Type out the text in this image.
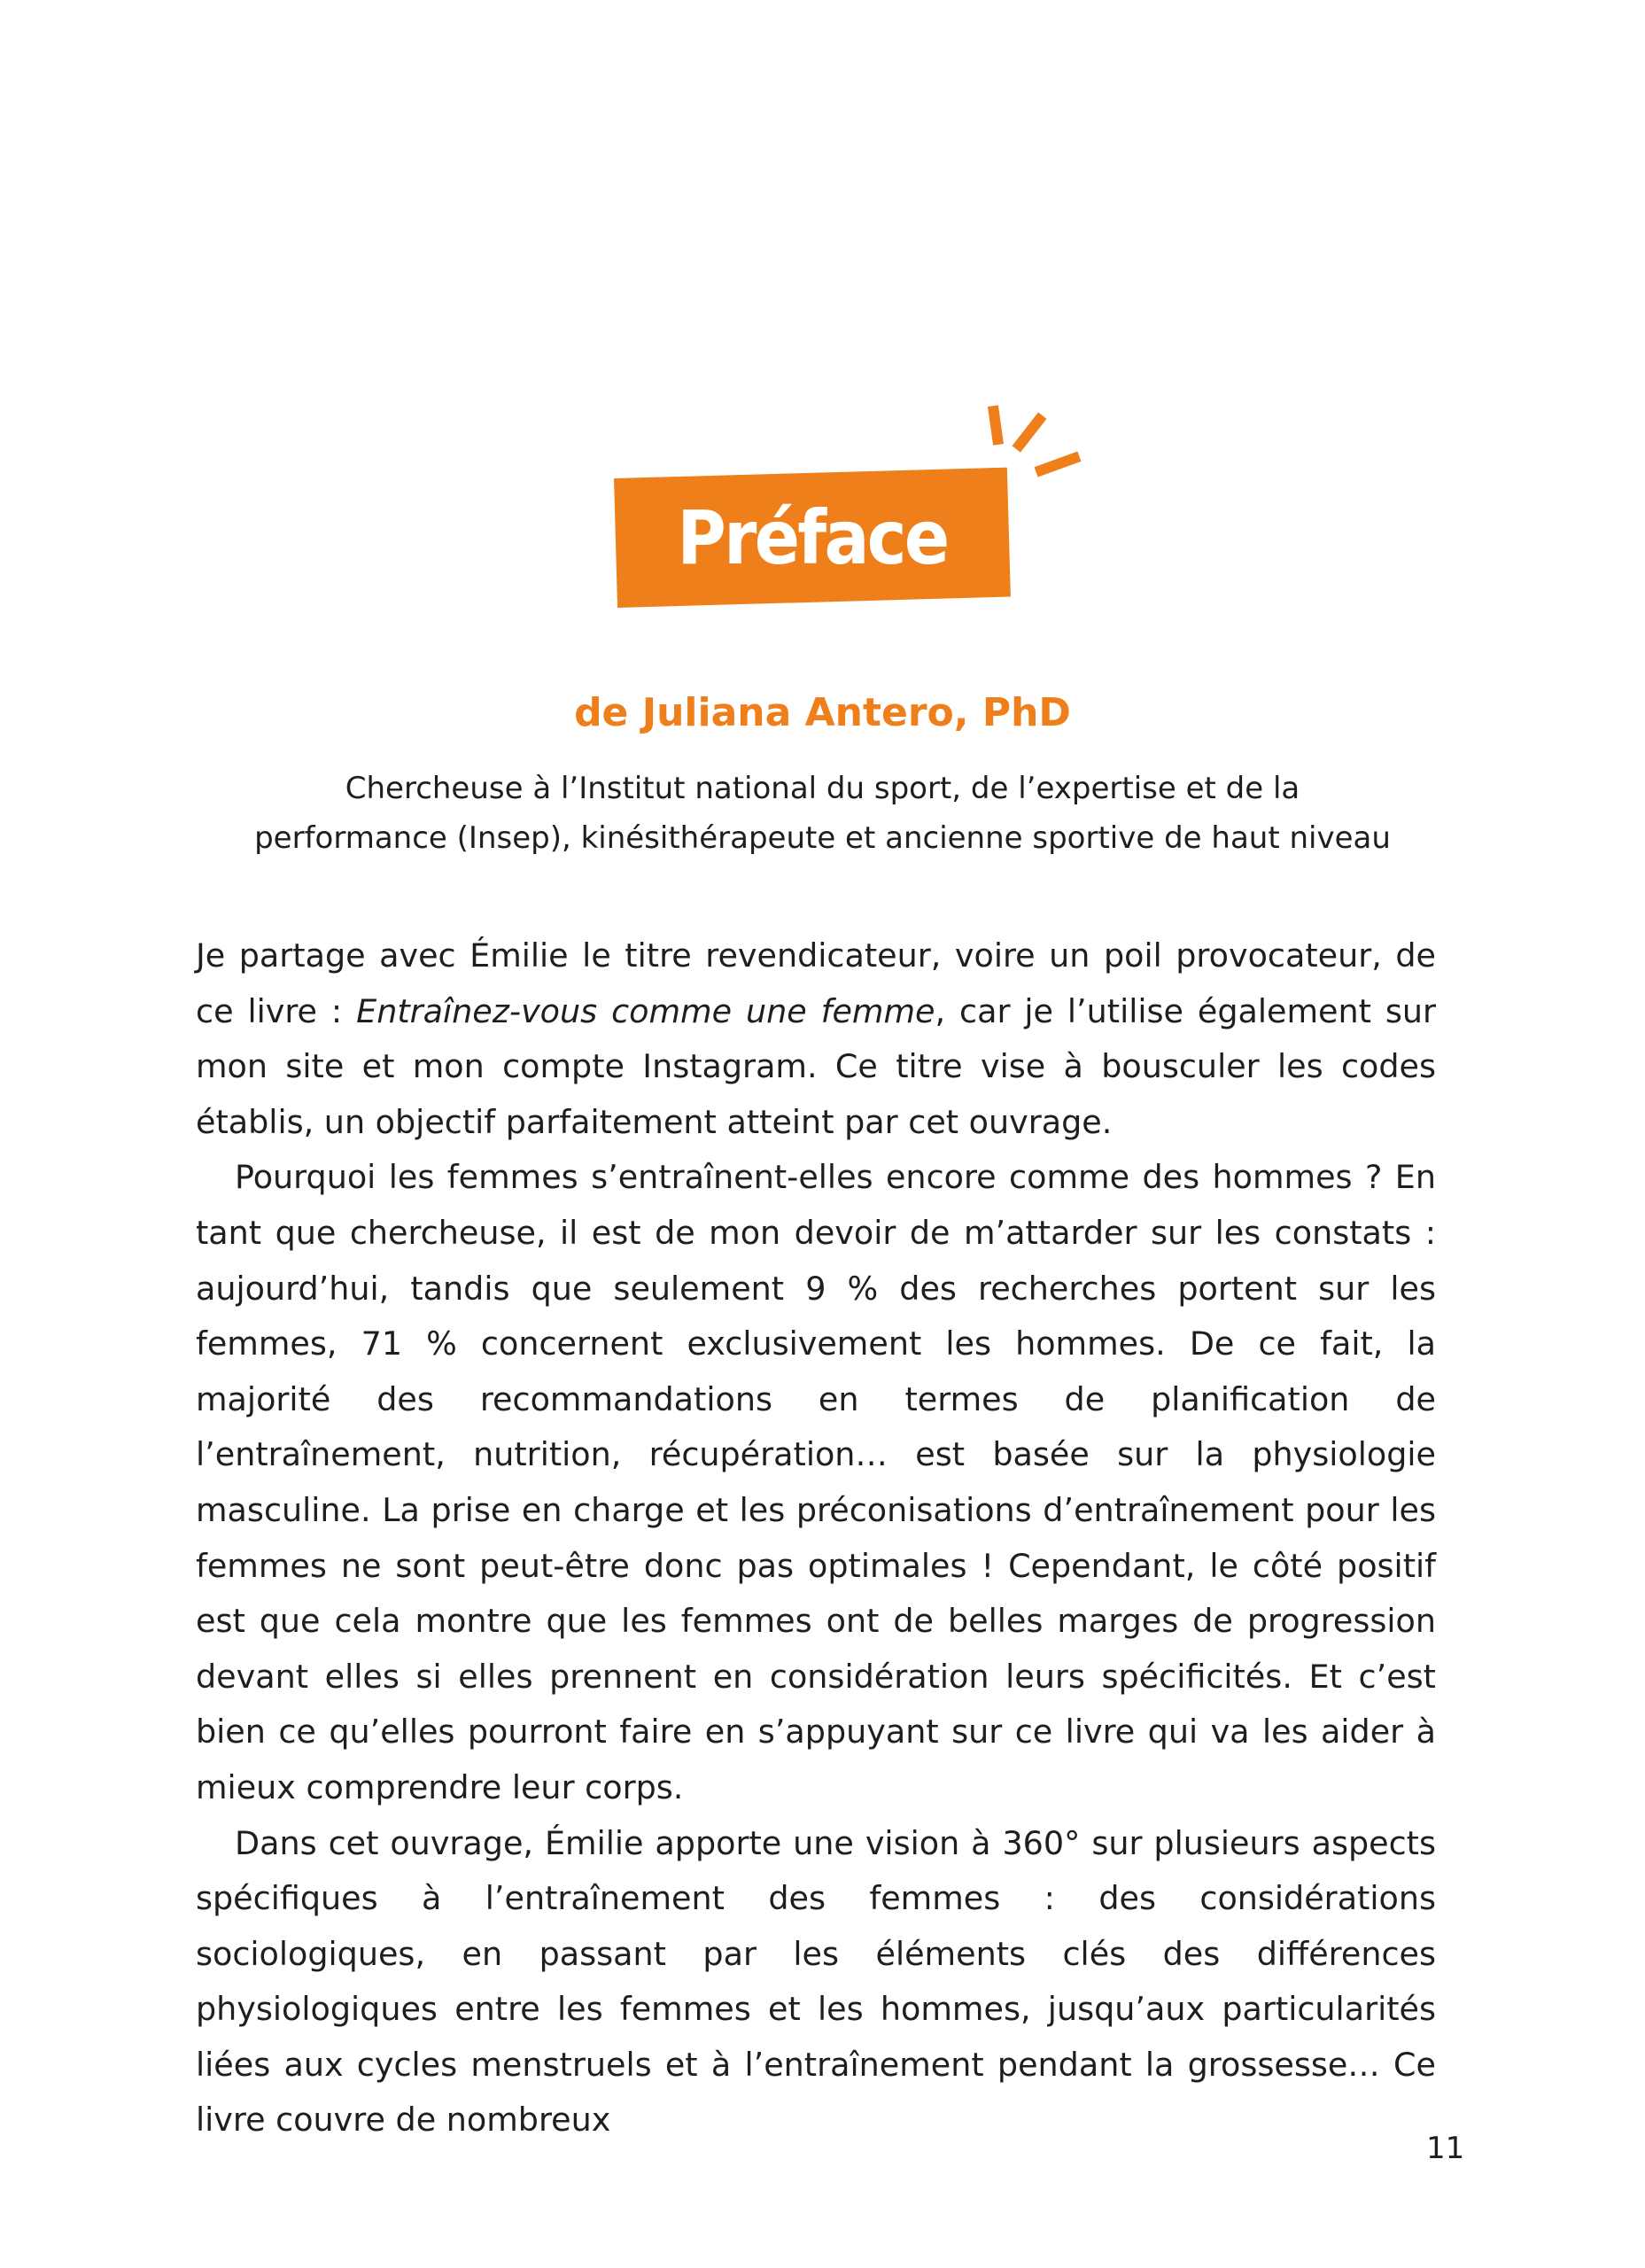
Préface
de Juliana Antero, PhD
Chercheuse à l’Institut national du sport, de l’expertise et de la
performance (Insep), kinésithérapeute et ancienne sportive de haut niveau

Je partage avec Émilie le titre revendicateur, voire un poil provocateur, de ce livre : Entraînez-vous comme une femme, car je l’utilise également sur mon site et mon compte Instagram. Ce titre vise à bousculer les codes établis, un objectif parfaitement atteint par cet ouvrage.

Pourquoi les femmes s’entraînent-elles encore comme des hommes ? En tant que chercheuse, il est de mon devoir de m’attarder sur les constats : aujourd’hui, tandis que seulement 9 % des recherches portent sur les femmes, 71 % concernent exclusivement les hommes. De ce fait, la majorité des recommandations en termes de planification de l’entraînement, nutrition, récupération… est basée sur la physiologie masculine. La prise en charge et les préconisations d’entraînement pour les femmes ne sont peut-être donc pas optimales ! Cependant, le côté positif est que cela montre que les femmes ont de belles marges de progression devant elles si elles prennent en considération leurs spécificités. Et c’est bien ce qu’elles pourront faire en s’appuyant sur ce livre qui va les aider à mieux comprendre leur corps.

Dans cet ouvrage, Émilie apporte une vision à 360° sur plusieurs aspects spécifiques à l’entraînement des femmes : des considérations sociologiques, en passant par les éléments clés des différences physiologiques entre les femmes et les hommes, jusqu’aux particularités liées aux cycles menstruels et à l’entraînement pendant la grossesse… Ce livre couvre de nombreux

11
